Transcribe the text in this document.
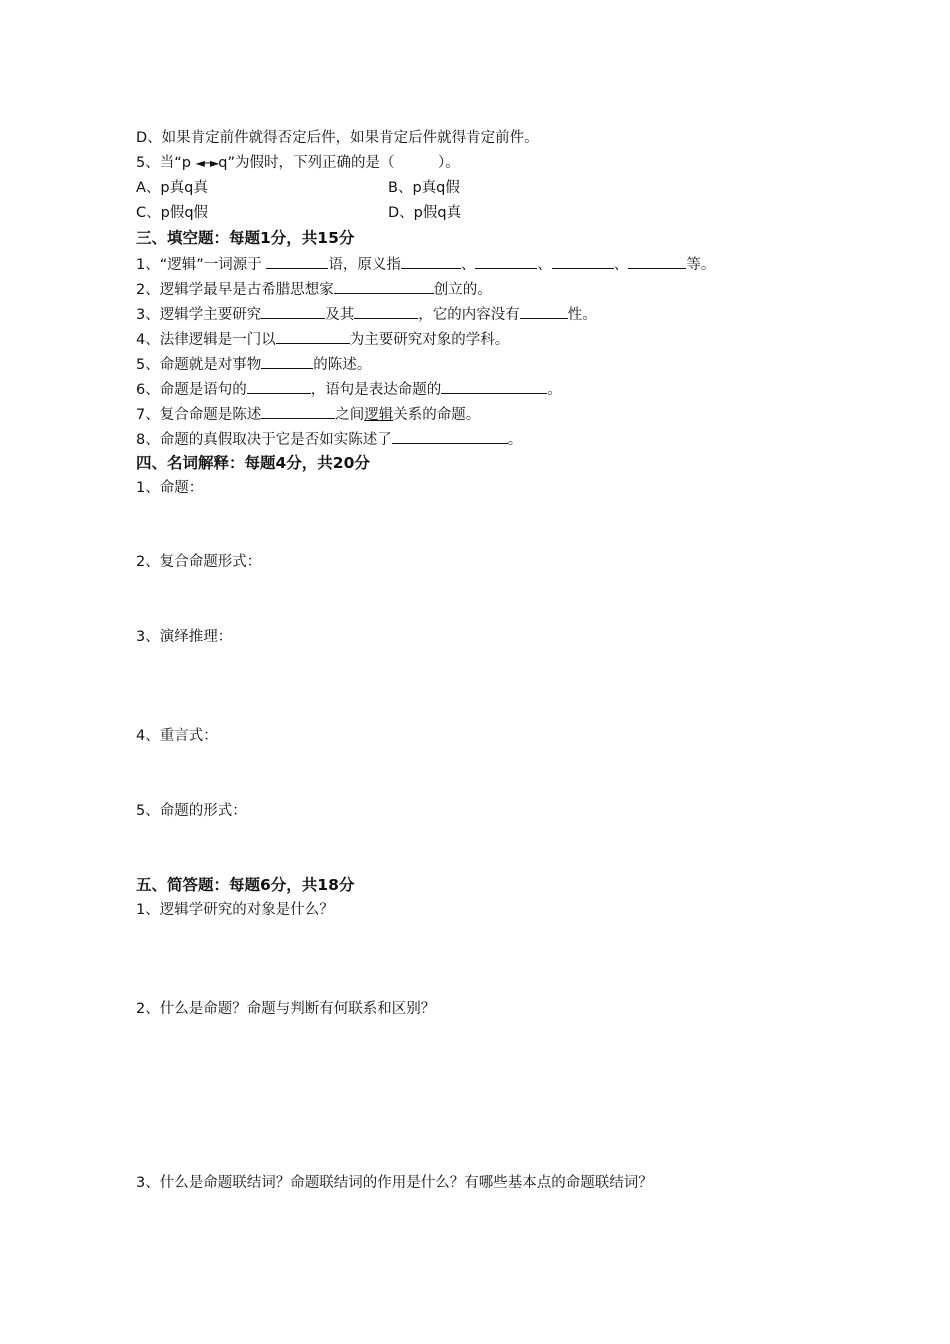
D、如果肯定前件就得否定后件，如果肯定后件就得肯定前件。
5、当“p ◄─►q”为假时，下列正确的是（　　　）。
A、p真q真	B、p真q假
C、p假q假	D、p假q真
三、填空题：每题1分，共15分
1、“逻辑”一词源于	语，原义指	、	、	、	等。
2、逻辑学最早是古希腊思想家	创立的。
3、逻辑学主要研究	及其	，它的内容没有	性。
4、法律逻辑是一门以	为主要研究对象的学科。
5、命题就是对事物	的陈述。
6、命题是语句的	，语句是表达命题的	。
7、复合命题是陈述	之间逻辑关系的命题。
8、命题的真假取决于它是否如实陈述了	。
四、名词解释：每题4分，共20分
1、命题：
2、复合命题形式：
3、演绎推理：
4、重言式：
5、命题的形式：
五、简答题：每题6分，共18分
1、逻辑学研究的对象是什么？
2、什么是命题？命题与判断有何联系和区别？
3、什么是命题联结词？命题联结词的作用是什么？有哪些基本点的命题联结词？
